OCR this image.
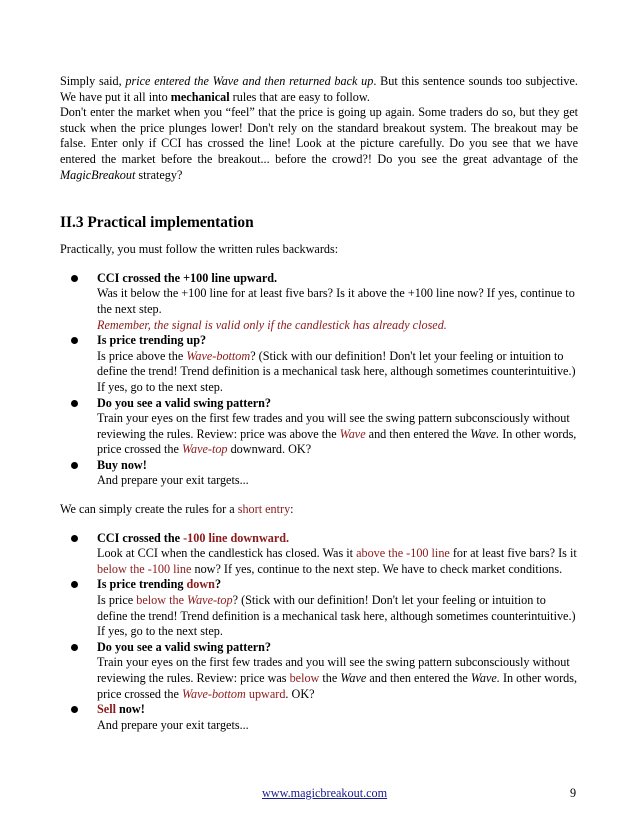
Simply said, price entered the Wave and then returned back up. But this sentence sounds too subjective. We have put it all into mechanical rules that are easy to follow.

Don't enter the market when you “feel” that the price is going up again. Some traders do so, but they get stuck when the price plunges lower! Don't rely on the standard breakout system. The breakout may be false. Enter only if CCI has crossed the line! Look at the picture carefully. Do you see that we have entered the market before the breakout... before the crowd?! Do you see the great advantage of the MagicBreakout strategy?

II.3 Practical implementation

Practically, you must follow the written rules backwards:

CCI crossed the +100 line upward.
Was it below the +100 line for at least five bars? Is it above the +100 line now? If yes, continue to the next step.
Remember, the signal is valid only if the candlestick has already closed.
Is price trending up?
Is price above the Wave-bottom? (Stick with our definition! Don't let your feeling or intuition to define the trend! Trend definition is a mechanical task here, although sometimes counterintuitive.) If yes, go to the next step.
Do you see a valid swing pattern?
Train your eyes on the first few trades and you will see the swing pattern subconsciously without reviewing the rules. Review: price was above the Wave and then entered the Wave. In other words, price crossed the Wave-top downward. OK?
Buy now!
And prepare your exit targets...

We can simply create the rules for a short entry:

CCI crossed the -100 line downward.
Look at CCI when the candlestick has closed. Was it above the -100 line for at least five bars? Is it below the -100 line now? If yes, continue to the next step. We have to check market conditions.
Is price trending down?
Is price below the Wave-top? (Stick with our definition! Don't let your feeling or intuition to define the trend! Trend definition is a mechanical task here, although sometimes counterintuitive.) If yes, go to the next step.
Do you see a valid swing pattern?
Train your eyes on the first few trades and you will see the swing pattern subconsciously without reviewing the rules. Review: price was below the Wave and then entered the Wave. In other words, price crossed the Wave-bottom upward. OK?
Sell now!
And prepare your exit targets...
www.magicbreakout.com	9
